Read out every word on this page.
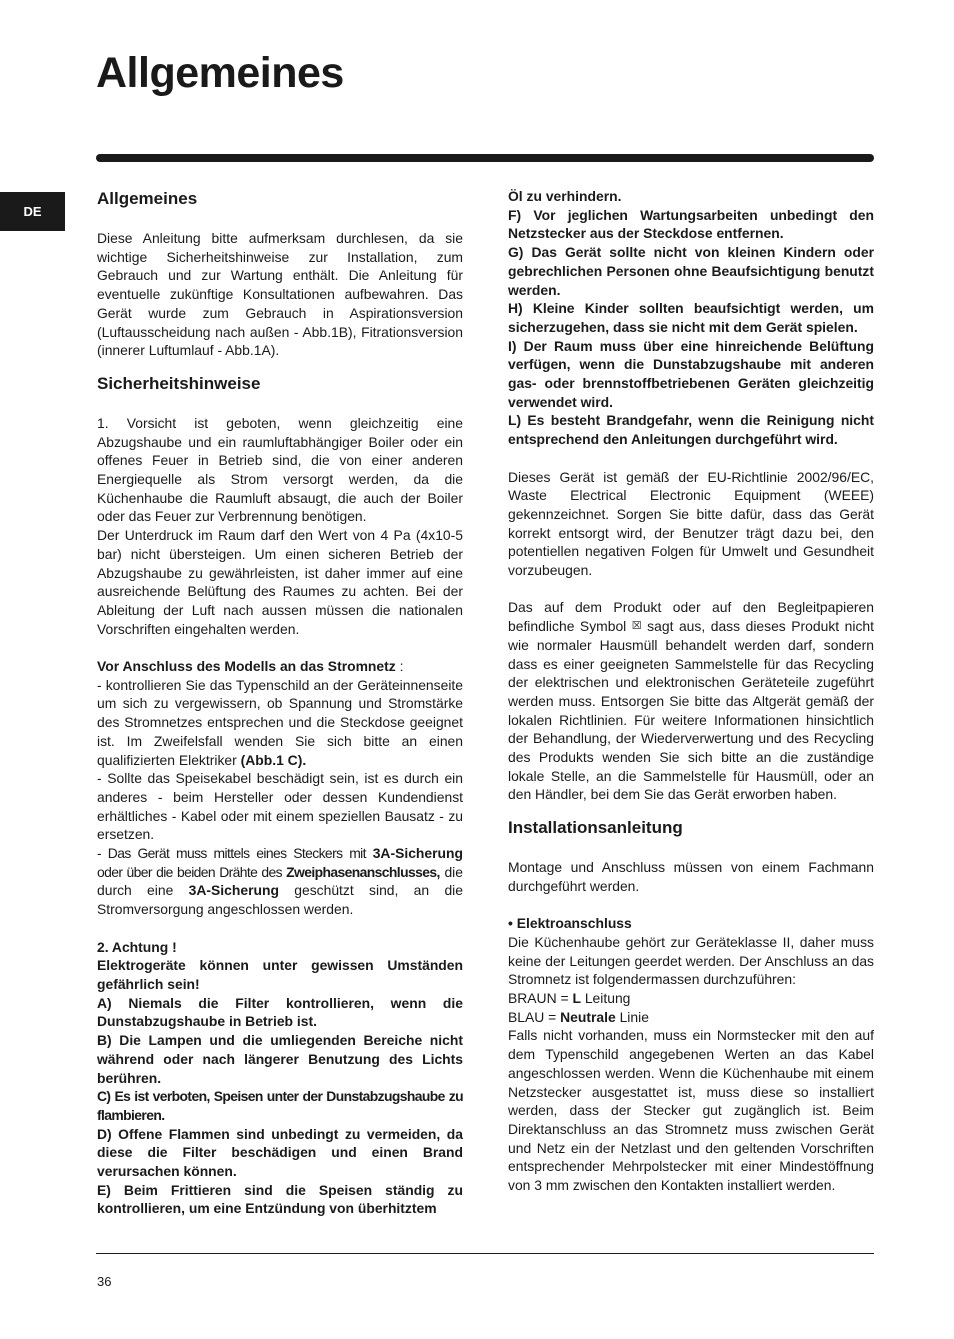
Allgemeines
DE
Allgemeines

Diese Anleitung bitte aufmerksam durchlesen, da sie wichtige Sicherheitshinweise zur Installation, zum Gebrauch und zur Wartung enthält. Die Anleitung für eventuelle zukünftige Konsultationen aufbewahren. Das Gerät wurde zum Gebrauch in Aspirationsversion (Luftausscheidung nach außen - Abb.1B), Fitrationsversion (innerer Luftumlauf - Abb.1A).

Sicherheitshinweise

1. Vorsicht ist geboten, wenn gleichzeitig eine Abzugshaube und ein raumluftabhängiger Boiler oder ein offenes Feuer in Betrieb sind, die von einer anderen Energiequelle als Strom versorgt werden, da die Küchenhaube die Raumluft absaugt, die auch der Boiler oder das Feuer zur Verbrennung benötigen.

Der Unterdruck im Raum darf den Wert von 4 Pa (4x10-5 bar) nicht übersteigen. Um einen sicheren Betrieb der Abzugshaube zu gewährleisten, ist daher immer auf eine ausreichende Belüftung des Raumes zu achten. Bei der Ableitung der Luft nach aussen müssen die nationalen Vorschriften eingehalten werden.

Vor Anschluss des Modells an das Stromnetz :

- kontrollieren Sie das Typenschild an der Geräteinnenseite um sich zu vergewissern, ob Spannung und Stromstärke des Stromnetzes entsprechen und die Steckdose geeignet ist. Im Zweifelsfall wenden Sie sich bitte an einen qualifizierten Elektriker (Abb.1 C).

- Sollte das Speisekabel beschädigt sein, ist es durch ein anderes - beim Hersteller oder dessen Kundendienst erhältliches - Kabel oder mit einem speziellen Bausatz - zu ersetzen.

- Das Gerät muss mittels eines Steckers mit 3A-Sicherung oder über die beiden Drähte des Zweiphasenanschlusses, die durch eine 3A-Sicherung geschützt sind, an die Stromversorgung angeschlossen werden.

2. Achtung !

Elektrogeräte können unter gewissen Umständen gefährlich sein!

A) Niemals die Filter kontrollieren, wenn die Dunstabzugshaube in Betrieb ist.

B) Die Lampen und die umliegenden Bereiche nicht während oder nach längerer Benutzung des Lichts berühren.

C) Es ist verboten, Speisen unter der Dunstabzugshaube zu flambieren.

D) Offene Flammen sind unbedingt zu vermeiden, da diese die Filter beschädigen und einen Brand verursachen können.

E) Beim Frittieren sind die Speisen ständig zu kontrollieren, um eine Entzündung von überhitztem

Öl zu verhindern.

F) Vor jeglichen Wartungsarbeiten unbedingt den Netzstecker aus der Steckdose entfernen.

G) Das Gerät sollte nicht von kleinen Kindern oder gebrechlichen Personen ohne Beaufsichtigung benutzt werden.

H) Kleine Kinder sollten beaufsichtigt werden, um sicherzugehen, dass sie nicht mit dem Gerät spielen.

I) Der Raum muss über eine hinreichende Belüftung verfügen, wenn die Dunstabzugshaube mit anderen gas- oder brennstoffbetriebenen Geräten gleichzeitig verwendet wird.

L) Es besteht Brandgefahr, wenn die Reinigung nicht entsprechend den Anleitungen durchgeführt wird.

Dieses Gerät ist gemäß der EU-Richtlinie 2002/96/EC, Waste Electrical Electronic Equipment (WEEE) gekennzeichnet. Sorgen Sie bitte dafür, dass das Gerät korrekt entsorgt wird, der Benutzer trägt dazu bei, den potentiellen negativen Folgen für Umwelt und Gesundheit vorzubeugen.

Das auf dem Produkt oder auf den Begleitpapieren befindliche Symbol ☒ sagt aus, dass dieses Produkt nicht wie normaler Hausmüll behandelt werden darf, sondern dass es einer geeigneten Sammelstelle für das Recycling der elektrischen und elektronischen Geräteteile zugeführt werden muss. Entsorgen Sie bitte das Altgerät gemäß der lokalen Richtlinien. Für weitere Informationen hinsichtlich der Behandlung, der Wiederverwertung und des Recycling des Produkts wenden Sie sich bitte an die zuständige lokale Stelle, an die Sammelstelle für Hausmüll, oder an den Händler, bei dem Sie das Gerät erworben haben.

Installationsanleitung

Montage und Anschluss müssen von einem Fachmann durchgeführt werden.

• Elektroanschluss

Die Küchenhaube gehört zur Geräteklasse II, daher muss keine der Leitungen geerdet werden. Der Anschluss an das Stromnetz ist folgendermassen durchzuführen:

BRAUN = L Leitung

BLAU = Neutrale Linie

Falls nicht vorhanden, muss ein Normstecker mit den auf dem Typenschild angegebenen Werten an das Kabel angeschlossen werden. Wenn die Küchenhaube mit einem Netzstecker ausgestattet ist, muss diese so installiert werden, dass der Stecker gut zugänglich ist. Beim Direktanschluss an das Stromnetz muss zwischen Gerät und Netz ein der Netzlast und den geltenden Vorschriften entsprechender Mehrpolstecker mit einer Mindestöffnung von 3 mm zwischen den Kontakten installiert werden.

36
